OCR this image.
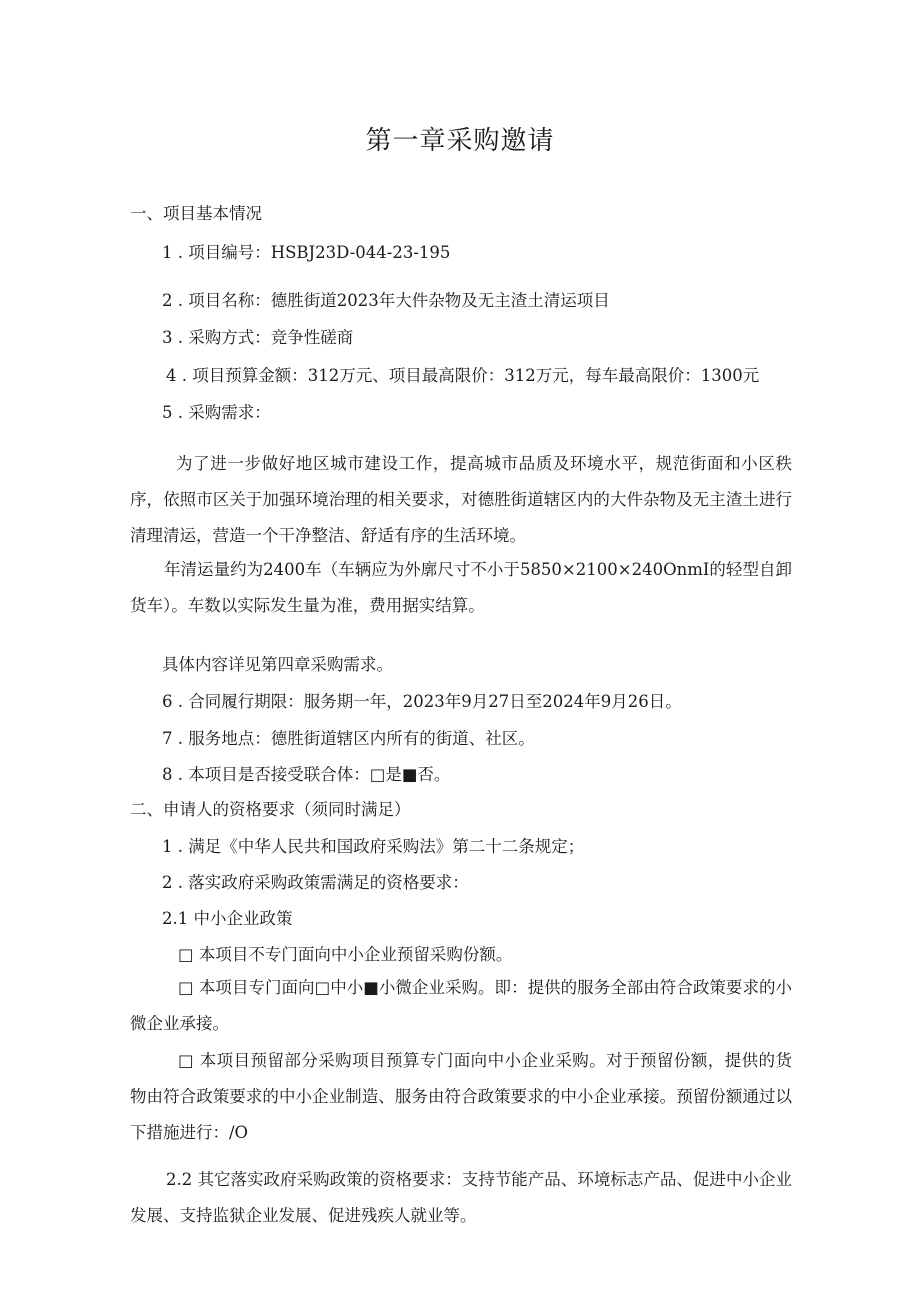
第一章采购邀请
一、项目基本情况
1 . 项目编号：HSBJ23D-044-23-195
2 . 项目名称：德胜街道2023年大件杂物及无主渣土清运项目
3 . 采购方式：竞争性磋商
4 . 项目预算金额：312万元、项目最高限价：312万元，每车最高限价：1300元
5 . 采购需求：
为了进一步做好地区城市建设工作，提高城市品质及环境水平，规范街面和小区秩序，依照市区关于加强环境治理的相关要求，对德胜街道辖区内的大件杂物及无主渣土进行清理清运，营造一个干净整洁、舒适有序的生活环境。
年清运量约为2400车（车辆应为外廓尺寸不小于5850×2100×240OnmI的轻型自卸货车）。车数以实际发生量为准，费用据实结算。
具体内容详见第四章采购需求。
6 . 合同履行期限：服务期一年，2023年9月27日至2024年9月26日。
7 . 服务地点：德胜街道辖区内所有的街道、社区。
8 . 本项目是否接受联合体：□是■否。
二、申请人的资格要求（须同时满足）
1 . 满足《中华人民共和国政府采购法》第二十二条规定；
2 . 落实政府采购政策需满足的资格要求：
2.1 中小企业政策
□ 本项目不专门面向中小企业预留采购份额。
□ 本项目专门面向□中小■小微企业采购。即：提供的服务全部由符合政策要求的小微企业承接。
□ 本项目预留部分采购项目预算专门面向中小企业采购。对于预留份额，提供的货物由符合政策要求的中小企业制造、服务由符合政策要求的中小企业承接。预留份额通过以下措施进行：/O
2.2 其它落实政府采购政策的资格要求：支持节能产品、环境标志产品、促进中小企业发展、支持监狱企业发展、促进残疾人就业等。
